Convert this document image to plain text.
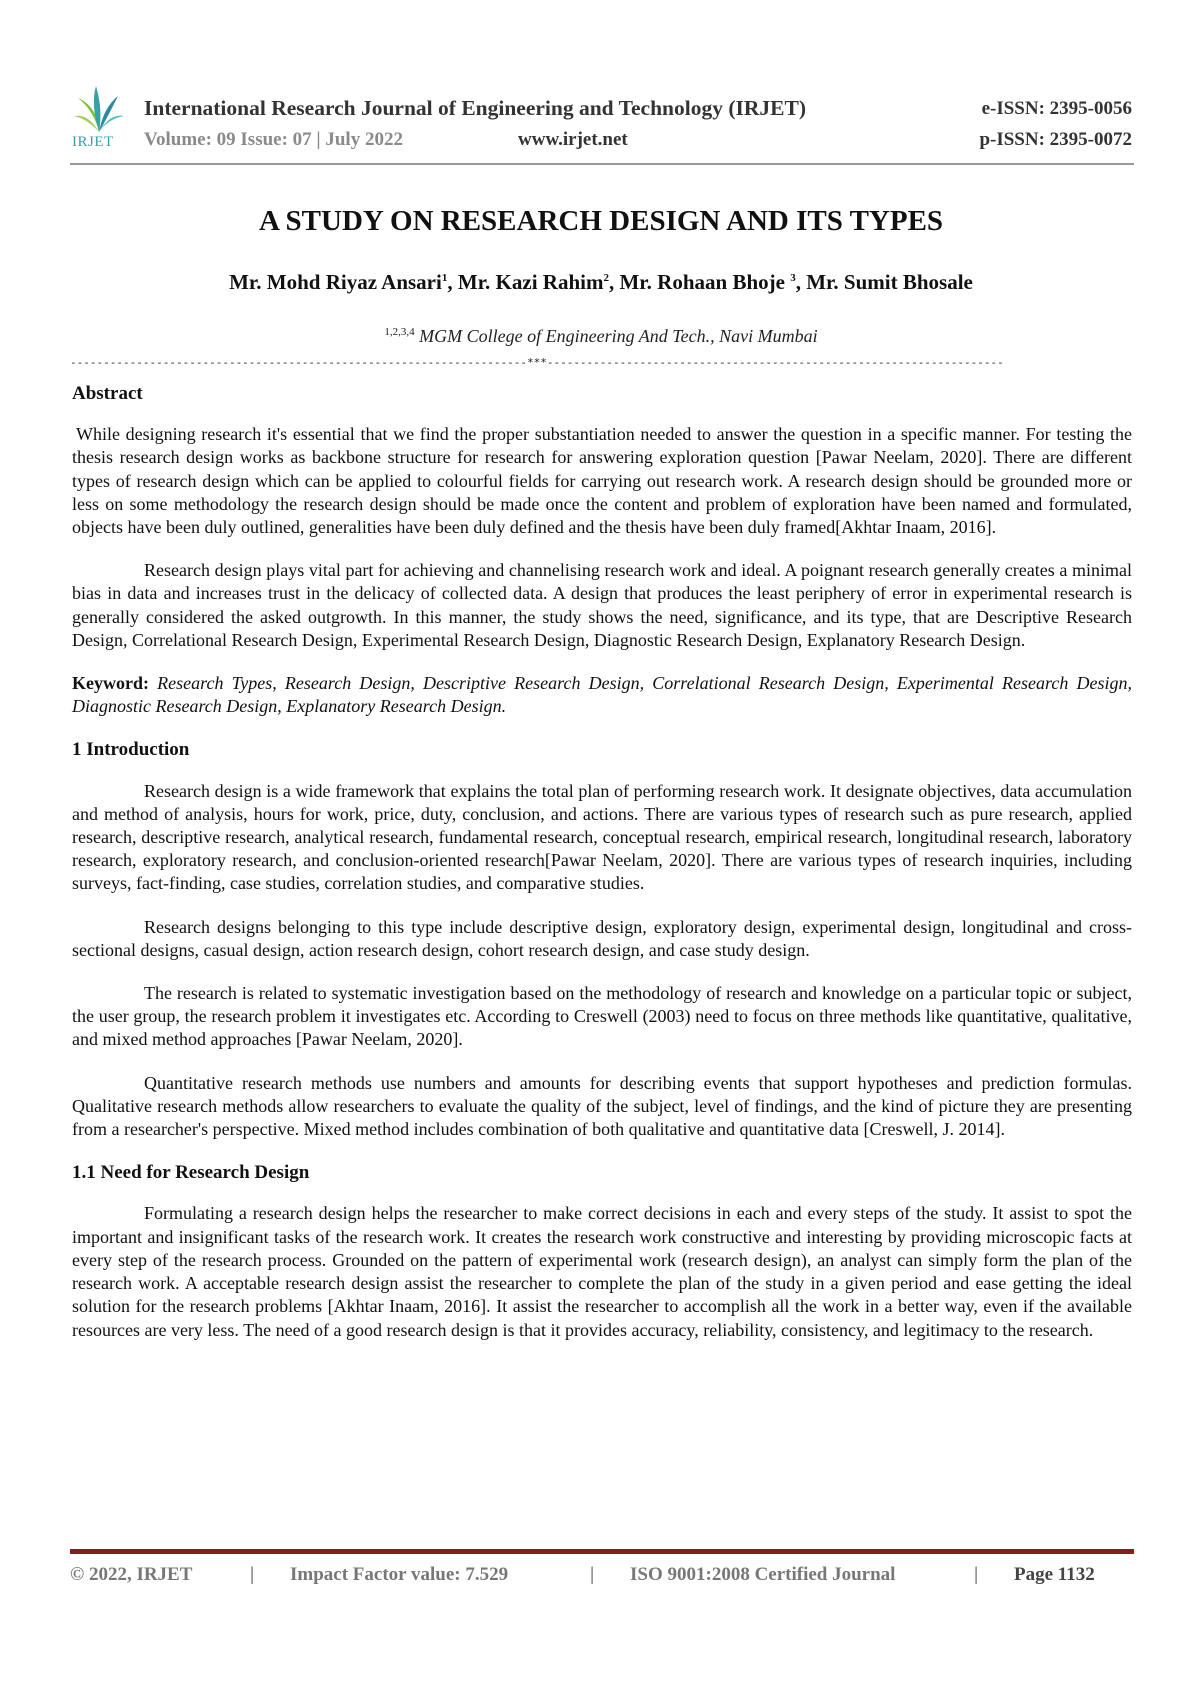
IRJET
International Research Journal of Engineering and Technology (IRJET)	e-ISSN: 2395-0056
Volume: 09 Issue: 07 | July 2022	www.irjet.net	p-ISSN: 2395-0072
A STUDY ON RESEARCH DESIGN AND ITS TYPES
Mr. Mohd Riyaz Ansari$^1$, Mr. Kazi Rahim$^2$, Mr. Rohaan Bhoje $^3$, Mr. Sumit Bhosale
$^{1,2,3,4}$ MGM College of Engineering And Tech., Navi Mumbai
---------------------------------------------------------------------***---------------------------------------------------------------------
Abstract

While designing research it's essential that we find the proper substantiation needed to answer the question in a specific manner. For testing the thesis research design works as backbone structure for research for answering exploration question [Pawar Neelam, 2020]. There are different types of research design which can be applied to colourful fields for carrying out research work. A research design should be grounded more or less on some methodology the research design should be made once the content and problem of exploration have been named and formulated, objects have been duly outlined, generalities have been duly defined and the thesis have been duly framed[Akhtar Inaam, 2016].

Research design plays vital part for achieving and channelising research work and ideal. A poignant research generally creates a minimal bias in data and increases trust in the delicacy of collected data. A design that produces the least periphery of error in experimental research is generally considered the asked outgrowth. In this manner, the study shows the need, significance, and its type, that are Descriptive Research Design, Correlational Research Design, Experimental Research Design, Diagnostic Research Design, Explanatory Research Design.

Keyword: Research Types, Research Design, Descriptive Research Design, Correlational Research Design, Experimental Research Design, Diagnostic Research Design, Explanatory Research Design.

1 Introduction

Research design is a wide framework that explains the total plan of performing research work. It designate objectives, data accumulation and method of analysis, hours for work, price, duty, conclusion, and actions. There are various types of research such as pure research, applied research, descriptive research, analytical research, fundamental research, conceptual research, empirical research, longitudinal research, laboratory research, exploratory research, and conclusion-oriented research[Pawar Neelam, 2020]. There are various types of research inquiries, including surveys, fact-finding, case studies, correlation studies, and comparative studies.

Research designs belonging to this type include descriptive design, exploratory design, experimental design, longitudinal and cross-sectional designs, casual design, action research design, cohort research design, and case study design.

The research is related to systematic investigation based on the methodology of research and knowledge on a particular topic or subject, the user group, the research problem it investigates etc. According to Creswell (2003) need to focus on three methods like quantitative, qualitative, and mixed method approaches [Pawar Neelam, 2020].

Quantitative research methods use numbers and amounts for describing events that support hypotheses and prediction formulas. Qualitative research methods allow researchers to evaluate the quality of the subject, level of findings, and the kind of picture they are presenting from a researcher's perspective. Mixed method includes combination of both qualitative and quantitative data [Creswell, J. 2014].

1.1 Need for Research Design

Formulating a research design helps the researcher to make correct decisions in each and every steps of the study. It assist to spot the important and insignificant tasks of the research work. It creates the research work constructive and interesting by providing microscopic facts at every step of the research process. Grounded on the pattern of experimental work (research design), an analyst can simply form the plan of the research work. A acceptable research design assist the researcher to complete the plan of the study in a given period and ease getting the ideal solution for the research problems [Akhtar Inaam, 2016]. It assist the researcher to accomplish all the work in a better way, even if the available resources are very less. The need of a good research design is that it provides accuracy, reliability, consistency, and legitimacy to the research.

© 2022, IRJET	| Impact Factor value: 7.529	| ISO 9001:2008 Certified Journal	| Page 1132
